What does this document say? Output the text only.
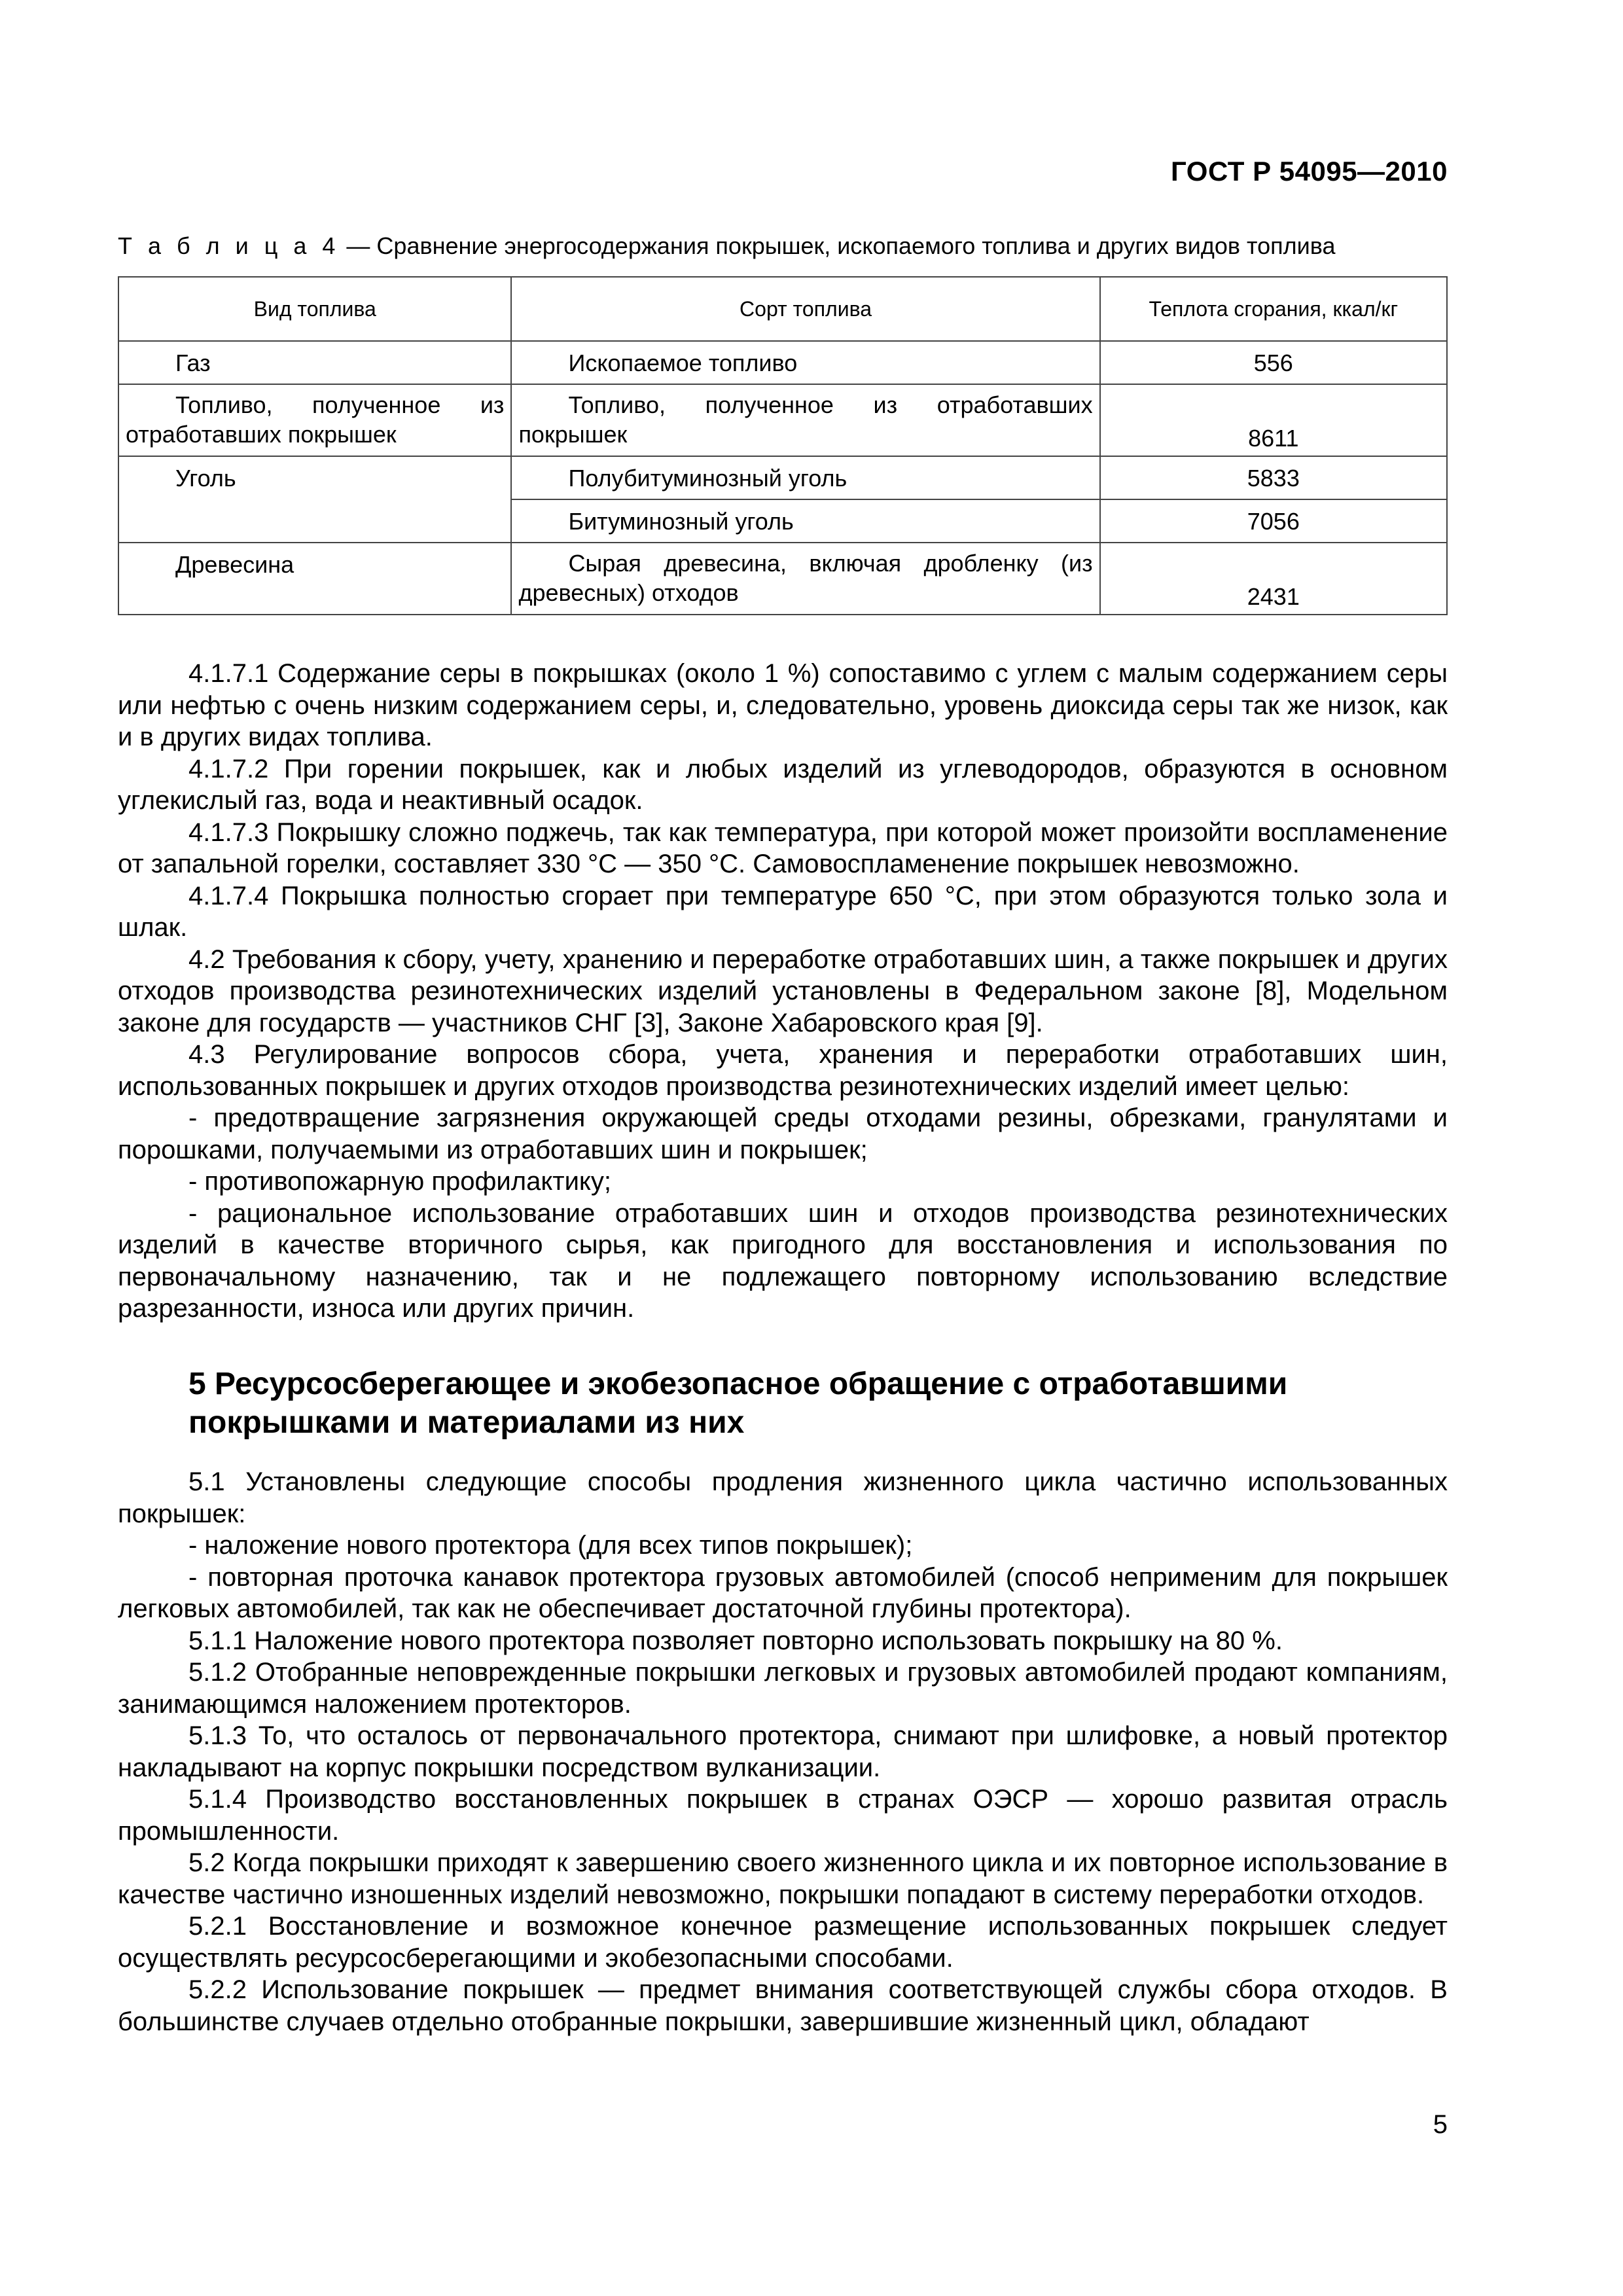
ГОСТ Р 54095—2010
Т а б л и ц а 4 — Сравнение энергосодержания покрышек, ископаемого топлива и других видов топлива
Вид топлива	Сорт топлива	Теплота сгорания, ккал/кг
Газ	Ископаемое топливо	556
Топливо, полученное из отработавших покрышек	Топливо, полученное из отработавших покрышек	8611
Уголь	Полубитуминозный уголь	5833
	Битуминозный уголь	7056
Древесина	Сырая древесина, включая дробленку (из древесных) отходов	2431

4.1.7.1 Содержание серы в покрышках (около 1 %) сопоставимо с углем с малым содержанием серы или нефтью с очень низким содержанием серы, и, следовательно, уровень диоксида серы так же низок, как и в других видах топлива.

4.1.7.2 При горении покрышек, как и любых изделий из углеводородов, образуются в основном углекислый газ, вода и неактивный осадок.

4.1.7.3 Покрышку сложно поджечь, так как температура, при которой может произойти воспламенение от запальной горелки, составляет 330 °С — 350 °С. Самовоспламенение покрышек невозможно.

4.1.7.4 Покрышка полностью сгорает при температуре 650 °С, при этом образуются только зола и шлак.

4.2 Требования к сбору, учету, хранению и переработке отработавших шин, а также покрышек и других отходов производства резинотехнических изделий установлены в Федеральном законе [8], Модельном законе для государств — участников СНГ [3], Законе Хабаровского края [9].

4.3 Регулирование вопросов сбора, учета, хранения и переработки отработавших шин, использованных покрышек и других отходов производства резинотехнических изделий имеет целью:

- предотвращение загрязнения окружающей среды отходами резины, обрезками, гранулятами и порошками, получаемыми из отработавших шин и покрышек;

- противопожарную профилактику;

- рациональное использование отработавших шин и отходов производства резинотехнических изделий в качестве вторичного сырья, как пригодного для восстановления и использования по первоначальному назначению, так и не подлежащего повторному использованию вследствие разрезанности, износа или других причин.

5 Ресурсосберегающее и экобезопасное обращение с отработавшими покрышками и материалами из них

5.1 Установлены следующие способы продления жизненного цикла частично использованных покрышек:

- наложение нового протектора (для всех типов покрышек);

- повторная проточка канавок протектора грузовых автомобилей (способ неприменим для покрышек легковых автомобилей, так как не обеспечивает достаточной глубины протектора).

5.1.1 Наложение нового протектора позволяет повторно использовать покрышку на 80 %.

5.1.2 Отобранные неповрежденные покрышки легковых и грузовых автомобилей продают компаниям, занимающимся наложением протекторов.

5.1.3 То, что осталось от первоначального протектора, снимают при шлифовке, а новый протектор накладывают на корпус покрышки посредством вулканизации.

5.1.4 Производство восстановленных покрышек в странах ОЭСР — хорошо развитая отрасль промышленности.

5.2 Когда покрышки приходят к завершению своего жизненного цикла и их повторное использование в качестве частично изношенных изделий невозможно, покрышки попадают в систему переработки отходов.

5.2.1 Восстановление и возможное конечное размещение использованных покрышек следует осуществлять ресурсосберегающими и экобезопасными способами.

5.2.2 Использование покрышек — предмет внимания соответствующей службы сбора отходов. В большинстве случаев отдельно отобранные покрышки, завершившие жизненный цикл, обладают

5
